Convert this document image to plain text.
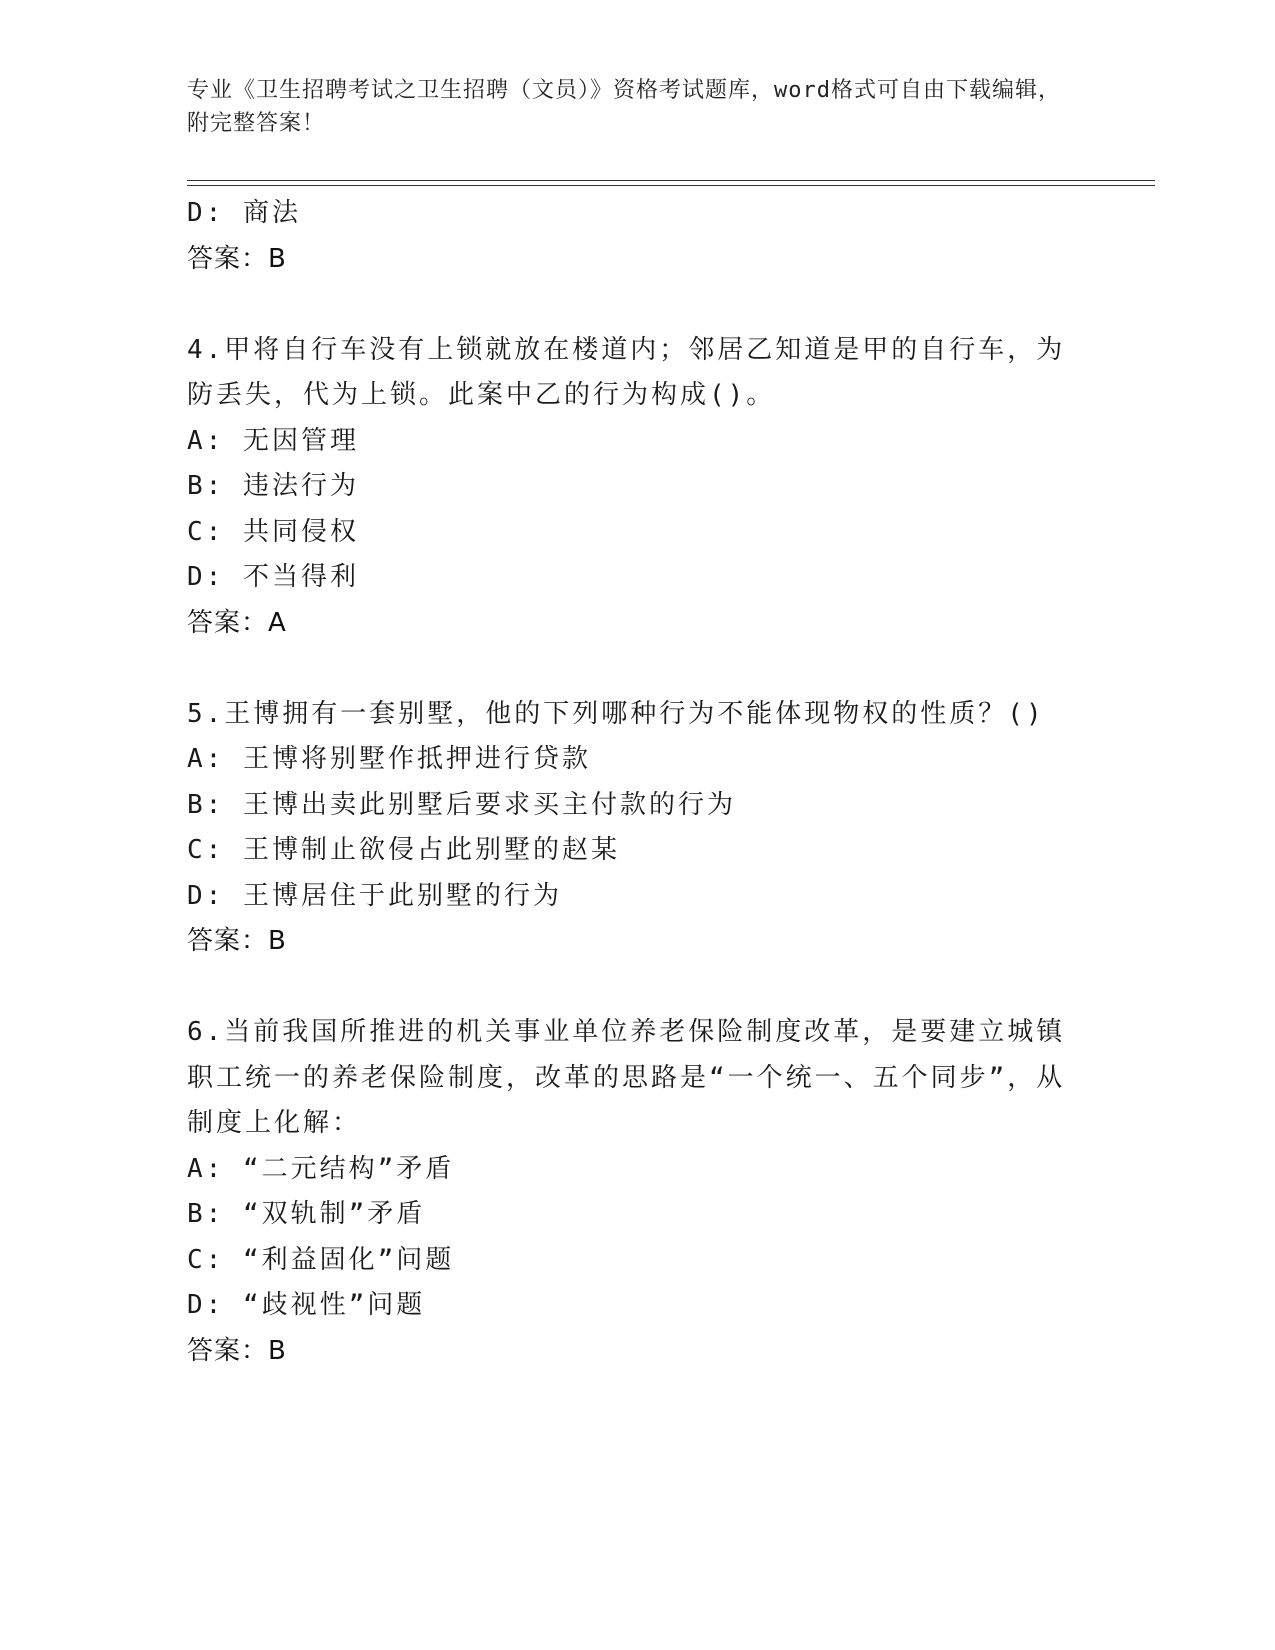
专业《卫生招聘考试之卫生招聘（文员）》资格考试题库，word格式可自由下载编辑，附完整答案！
D: 商法
答案：B
4.甲将自行车没有上锁就放在楼道内；邻居乙知道是甲的自行车，为防丢失，代为上锁。此案中乙的行为构成()。
A: 无因管理
B: 违法行为
C: 共同侵权
D: 不当得利
答案：A
5.王博拥有一套别墅，他的下列哪种行为不能体现物权的性质？()
A: 王博将别墅作抵押进行贷款
B: 王博出卖此别墅后要求买主付款的行为
C: 王博制止欲侵占此别墅的赵某
D: 王博居住于此别墅的行为
答案：B
6.当前我国所推进的机关事业单位养老保险制度改革，是要建立城镇职工统一的养老保险制度，改革的思路是“一个统一、五个同步”，从制度上化解：
A: “二元结构”矛盾
B: “双轨制”矛盾
C: “利益固化”问题
D: “歧视性”问题
答案：B
